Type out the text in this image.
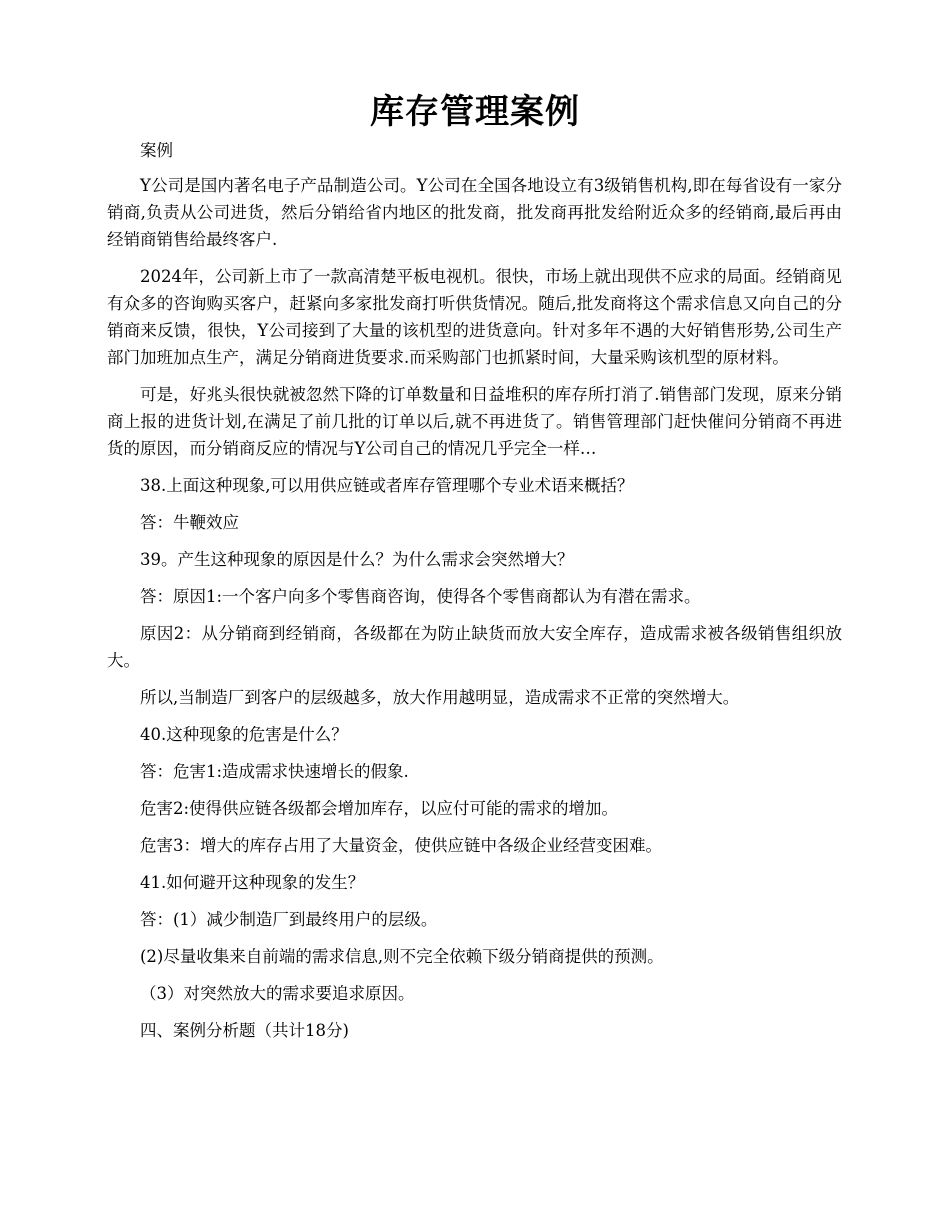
库存管理案例

案例

Y公司是国内著名电子产品制造公司。Y公司在全国各地设立有3级销售机构,即在每省设有一家分销商,负责从公司进货，然后分销给省内地区的批发商，批发商再批发给附近众多的经销商,最后再由经销商销售给最终客户.

2024年，公司新上市了一款高清楚平板电视机。很快，市场上就出现供不应求的局面。经销商见有众多的咨询购买客户，赶紧向多家批发商打听供货情况。随后,批发商将这个需求信息又向自己的分销商来反馈，很快，Y公司接到了大量的该机型的进货意向。针对多年不遇的大好销售形势,公司生产部门加班加点生产，满足分销商进货要求.而采购部门也抓紧时间，大量采购该机型的原材料。

可是，好兆头很快就被忽然下降的订单数量和日益堆积的库存所打消了.销售部门发现，原来分销商上报的进货计划,在满足了前几批的订单以后,就不再进货了。销售管理部门赶快催问分销商不再进货的原因，而分销商反应的情况与Y公司自己的情况几乎完全一样…

38.上面这种现象,可以用供应链或者库存管理哪个专业术语来概括？

答：牛鞭效应

39。产生这种现象的原因是什么？为什么需求会突然增大？

答：原因1:一个客户向多个零售商咨询，使得各个零售商都认为有潜在需求。

原因2：从分销商到经销商，各级都在为防止缺货而放大安全库存，造成需求被各级销售组织放大。

所以,当制造厂到客户的层级越多，放大作用越明显，造成需求不正常的突然增大。

40.这种现象的危害是什么？

答：危害1:造成需求快速增长的假象.

危害2:使得供应链各级都会增加库存，以应付可能的需求的增加。

危害3：增大的库存占用了大量资金，使供应链中各级企业经营变困难。

41.如何避开这种现象的发生？

答：(1）减少制造厂到最终用户的层级。

(2)尽量收集来自前端的需求信息,则不完全依赖下级分销商提供的预测。

（3）对突然放大的需求要追求原因。

四、案例分析题（共计18分)
